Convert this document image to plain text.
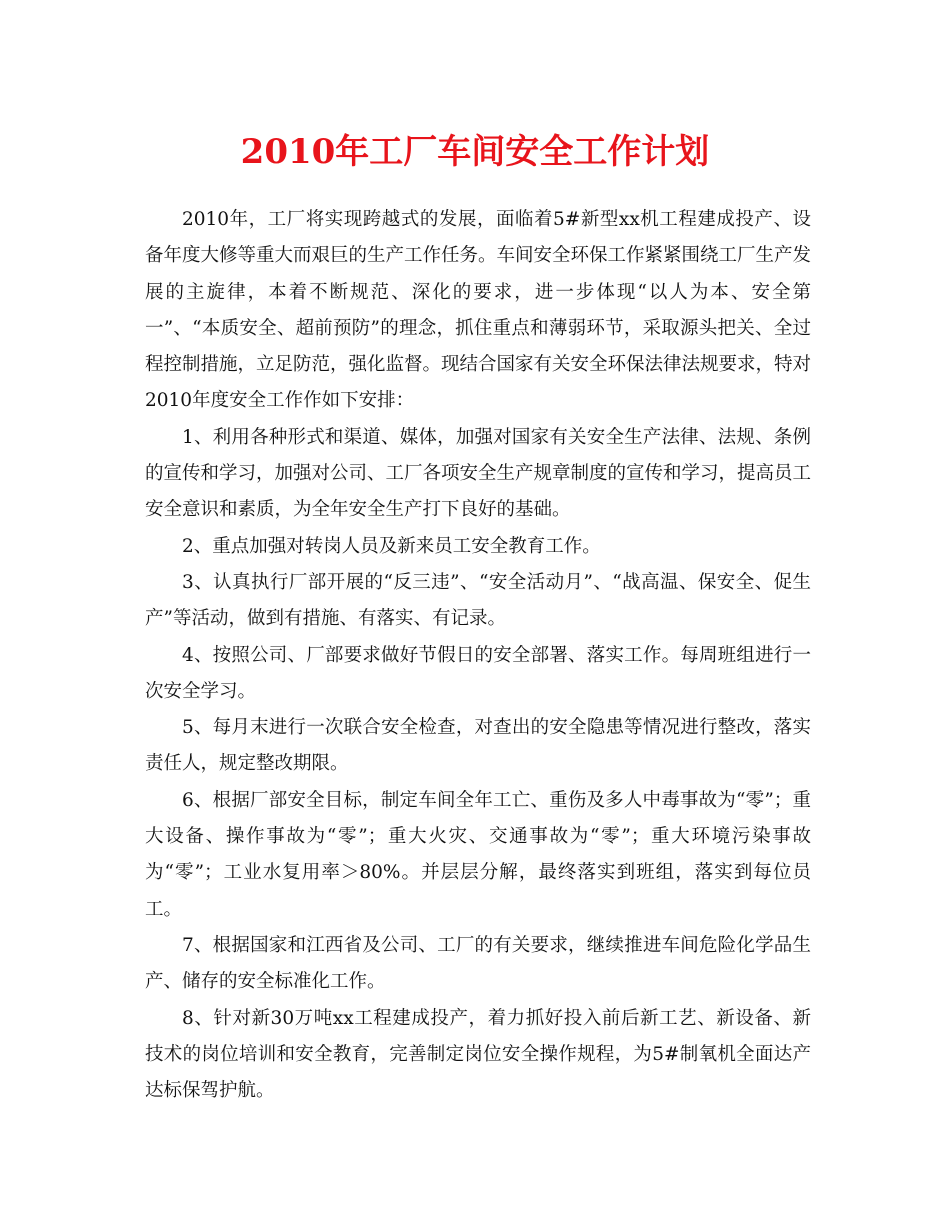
2010年工厂车间安全工作计划

2010年，工厂将实现跨越式的发展，面临着5#新型xx机工程建成投产、设备年度大修等重大而艰巨的生产工作任务。车间安全环保工作紧紧围绕工厂生产发展的主旋律，本着不断规范、深化的要求，进一步体现“以人为本、安全第一”、“本质安全、超前预防”的理念，抓住重点和薄弱环节，采取源头把关、全过程控制措施，立足防范，强化监督。现结合国家有关安全环保法律法规要求，特对2010年度安全工作作如下安排：

1、利用各种形式和渠道、媒体，加强对国家有关安全生产法律、法规、条例的宣传和学习，加强对公司、工厂各项安全生产规章制度的宣传和学习，提高员工安全意识和素质，为全年安全生产打下良好的基础。

2、重点加强对转岗人员及新来员工安全教育工作。

3、认真执行厂部开展的“反三违”、“安全活动月”、“战高温、保安全、促生产”等活动，做到有措施、有落实、有记录。

4、按照公司、厂部要求做好节假日的安全部署、落实工作。每周班组进行一次安全学习。

5、每月末进行一次联合安全检查，对查出的安全隐患等情况进行整改，落实责任人，规定整改期限。

6、根据厂部安全目标，制定车间全年工亡、重伤及多人中毒事故为“零”；重大设备、操作事故为“零”；重大火灾、交通事故为“零”；重大环境污染事故为“零”；工业水复用率＞80%。并层层分解，最终落实到班组，落实到每位员工。

7、根据国家和江西省及公司、工厂的有关要求，继续推进车间危险化学品生产、储存的安全标准化工作。

8、针对新30万吨xx工程建成投产，着力抓好投入前后新工艺、新设备、新技术的岗位培训和安全教育，完善制定岗位安全操作规程，为5#制氧机全面达产达标保驾护航。
